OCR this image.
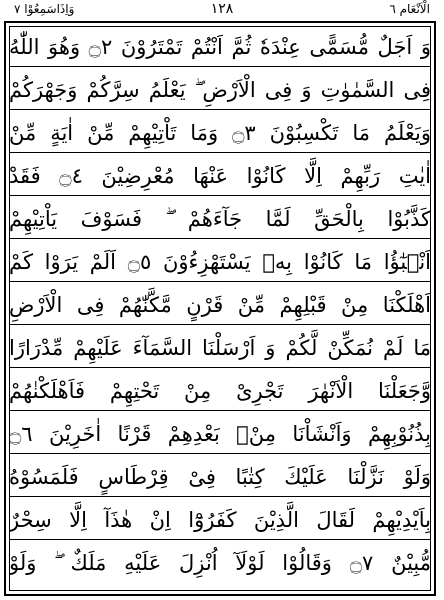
وَاِذَاسَمِعُوْا ٧	١٢٨	الْاَنْعَام ٦
وَ اَجَلٌ مُّسَمًّى عِنْدَهٗ ثُمَّ اَنْتُمْ تَمْتَرُوْنَ ۝٢ وَهُوَ اللّٰهُ
فِى السَّمٰوٰتِ وَ فِى الْاَرْضِ ۖ يَعْلَمُ سِرَّكُمْ وَجَهْرَكُمْ
وَيَعْلَمُ مَا تَكْسِبُوْنَ ۝٣ وَمَا تَاْتِيْهِمْ مِّنْ اٰيَةٍ مِّنْ
اٰيٰتِ رَبِّهِمْ اِلَّا كَانُوْا عَنْهَا مُعْرِضِيْنَ ۝٤ فَقَدْ
كَذَّبُوْا بِالْحَقِّ لَمَّا جَآءَهُمْ ۖ فَسَوْفَ يَاْتِيْهِمْ
اَنْۢبٰٓؤُا مَا كَانُوْا بِهٖ يَسْتَهْزِءُوْنَ ۝٥ اَلَمْ يَرَوْا كَمْ
اَهْلَكْنَا مِنْ قَبْلِهِمْ مِّنْ قَرْنٍ مَّكَّنّٰهُمْ فِى الْاَرْضِ
مَا لَمْ نُمَكِّنْ لَّكُمْ وَ اَرْسَلْنَا السَّمَآءَ عَلَيْهِمْ مِّدْرَارًا
وَّجَعَلْنَا الْاَنْهٰرَ تَجْرِىْ مِنْ تَحْتِهِمْ فَاَهْلَكْنٰهُمْ
بِذُنُوْبِهِمْ وَاَنْشَاْنَا مِنْۢ بَعْدِهِمْ قَرْنًا اٰخَرِيْنَ ۝٦
وَلَوْ نَزَّلْنَا عَلَيْكَ كِتٰبًا فِىْ قِرْطَاسٍ فَلَمَسُوْهُ
بِاَيْدِيْهِمْ لَقَالَ الَّذِيْنَ كَفَرُوْٓا اِنْ هٰذَآ اِلَّا سِحْرٌ
مُّبِيْنٌ ۝٧ وَقَالُوْا لَوْلَآ اُنْزِلَ عَلَيْهِ مَلَكٌ ۖ وَلَوْ
